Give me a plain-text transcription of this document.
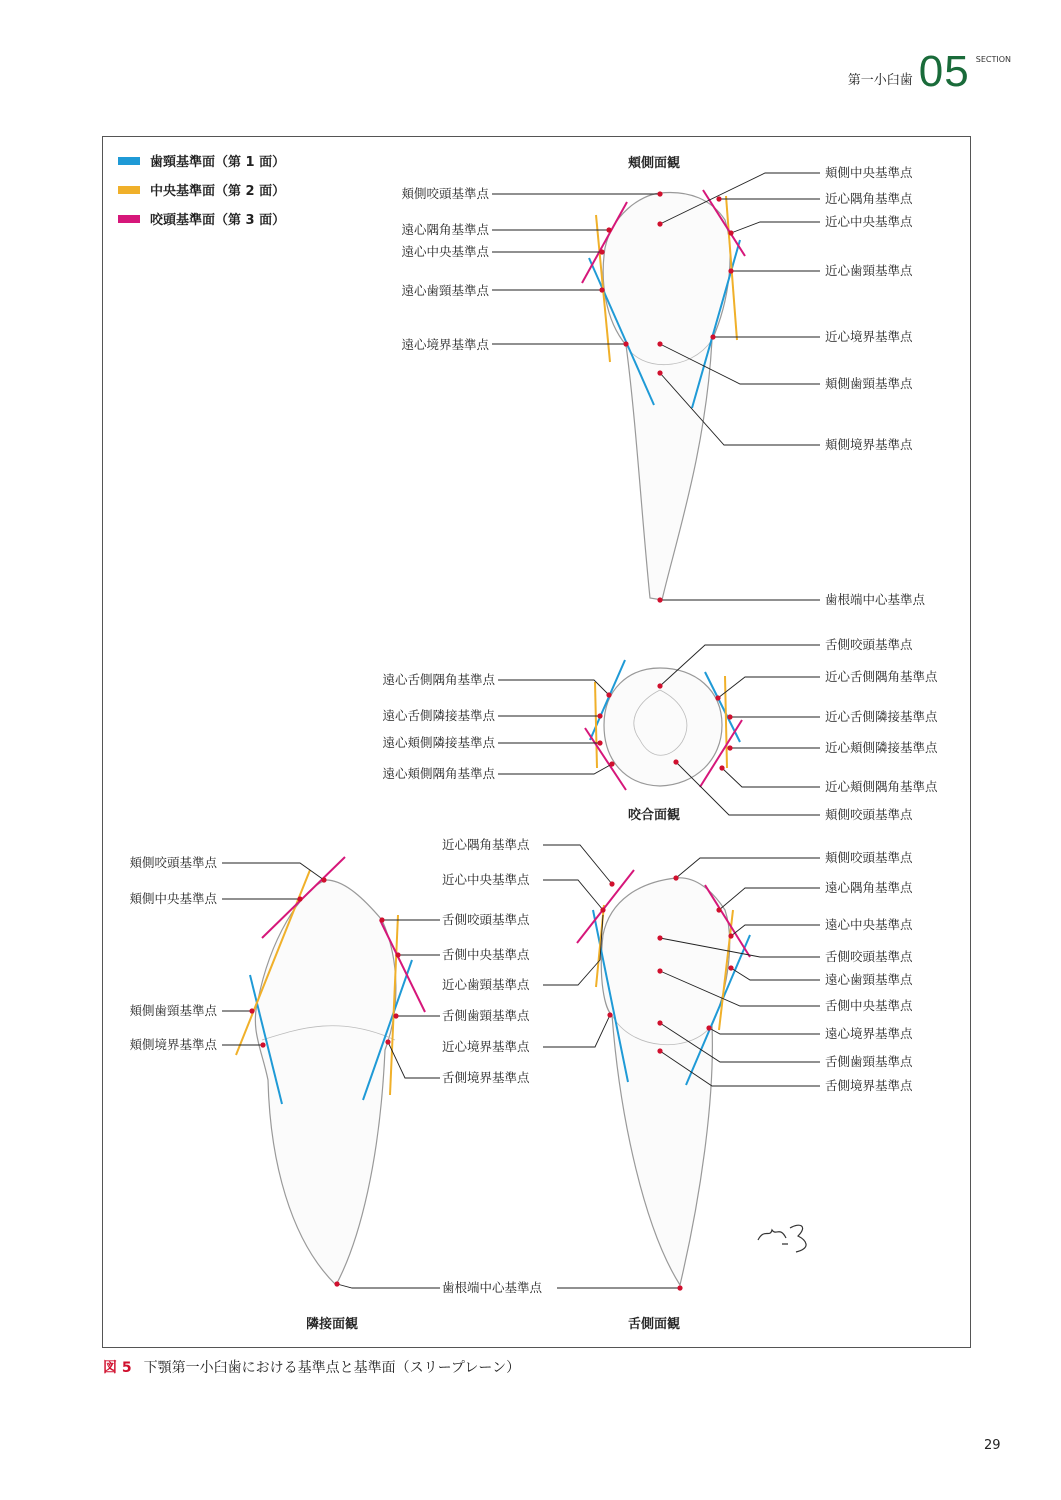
第一小臼歯 05 SECTION
歯頸基準面（第 1 面）
中央基準面（第 2 面）
咬頭基準面（第 3 面）
頬側面観
咬合面観
隣接面観	舌側面観
頬側咬頭基準点
遠心隅角基準点
遠心中央基準点
遠心歯頸基準点
遠心境界基準点
頬側中央基準点
近心隅角基準点
近心中央基準点
近心歯頸基準点
近心境界基準点
頬側歯頸基準点
頬側境界基準点
歯根端中心基準点
遠心舌側隅角基準点
遠心舌側隣接基準点
遠心頬側隣接基準点
遠心頬側隅角基準点
舌側咬頭基準点
近心舌側隅角基準点
近心舌側隣接基準点
近心頬側隣接基準点
近心頬側隅角基準点
頬側咬頭基準点
頬側咬頭基準点
頬側中央基準点
頬側歯頸基準点
頬側境界基準点
近心隅角基準点
近心中央基準点
舌側咬頭基準点
舌側中央基準点
近心歯頸基準点
舌側歯頸基準点
近心境界基準点
舌側境界基準点
歯根端中心基準点
頬側咬頭基準点
遠心隅角基準点
遠心中央基準点
舌側咬頭基準点
遠心歯頸基準点
舌側中央基準点
遠心境界基準点
舌側歯頸基準点
舌側境界基準点
図 5 下顎第一小臼歯における基準点と基準面（スリープレーン）
29
